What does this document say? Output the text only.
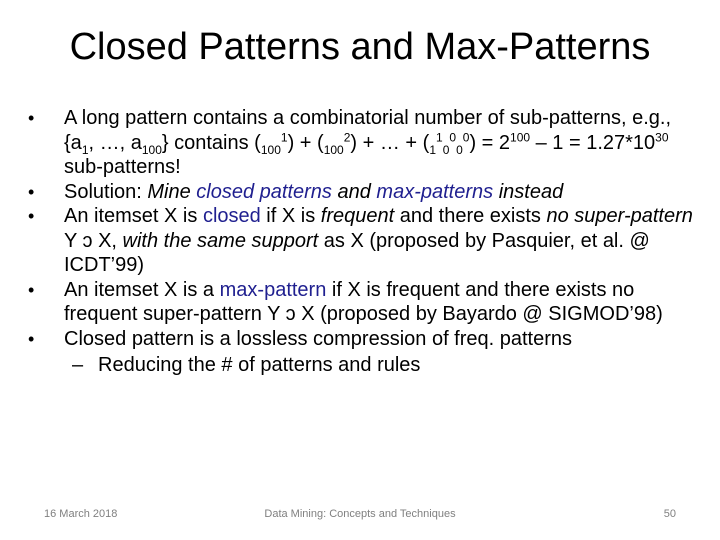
Closed Patterns and Max-Patterns
•	A long pattern contains a combinatorial number of sub-patterns, e.g., {$a_1$, …, $a_{100}$} contains $(_{100}^1) + (_{100}^2)$ + … + $(_1^1_0^0_0^0) = 2^{100} - 1 = 1.27*10^{30}$ sub-patterns!
•	Solution: Mine closed patterns and max-patterns instead
•	An itemset X is closed if X is frequent and there exists no super-pattern Y ɔ X, with the same support as X (proposed by Pasquier, et al. @ ICDT’99)
•	An itemset X is a max-pattern if X is frequent and there exists no frequent super-pattern Y ɔ X (proposed by Bayardo @ SIGMOD’98)
•	Closed pattern is a lossless compression of freq. patterns
– Reducing the # of patterns and rules
16 March 2018	Data Mining: Concepts and Techniques	50
